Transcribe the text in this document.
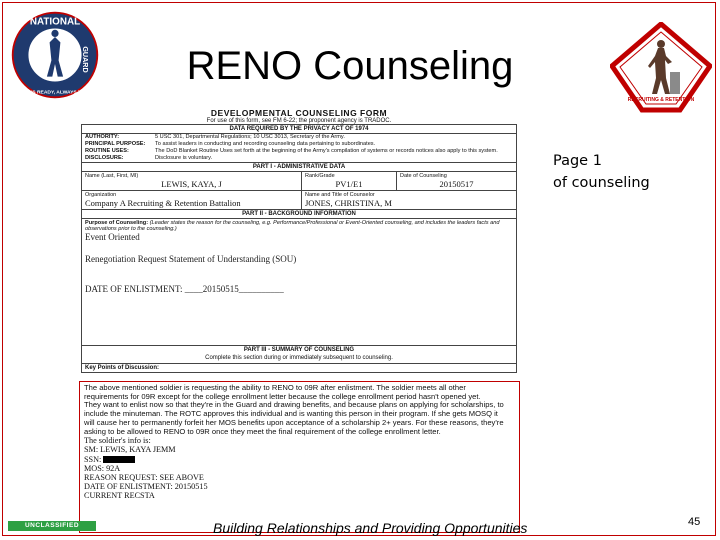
NATIONAL
GUARD
ALWAYS READY, ALWAYS THERE
RENO Counseling
RECRUITING & RETENTION
Page 1
of counseling
DEVELOPMENTAL COUNSELING FORM
For use of this form, see FM 6-22; the proponent agency is TRADOC.
DATA REQUIRED BY THE PRIVACY ACT OF 1974
AUTHORITY:	5 USC 301, Departmental Regulations; 10 USC 3013, Secretary of the Army.
PRINCIPAL PURPOSE:	To assist leaders in conducting and recording counseling data pertaining to subordinates.
ROUTINE USES:	The DoD Blanket Routine Uses set forth at the beginning of the Army's compilation of systems or records notices also apply to this system.
DISCLOSURE:	Disclosure is voluntary.
PART I - ADMINISTRATIVE DATA
Name (Last, First, MI)
LEWIS, KAYA, J
Rank/Grade
PV1/E1
Date of Counseling
20150517
Organization
Company A Recruiting & Retention Battalion
Name and Title of Counselor
JONES, CHRISTINA, M
PART II - BACKGROUND INFORMATION
Purpose of Counseling: (Leader states the reason for the counseling, e.g. Performance/Professional or Event-Oriented counseling, and includes the leaders facts and observations prior to the counseling.)
Event Oriented
Renegotiation Request Statement of Understanding (SOU)
DATE OF ENLISTMENT: ____20150515__________
PART III - SUMMARY OF COUNSELING
Complete this section during or immediately subsequent to counseling.
Key Points of Discussion:
The above mentioned soldier is requesting the ability to RENO to 09R after enlistment. The soldier meets all other
requirements for 09R except for the college enrollment letter because the college enrollment period hasn't opened yet.
They want to enlist now so that they're in the Guard and drawing benefits, and because plans on applying for scholarships, to
include the minuteman. The ROTC approves this individual and is wanting this person in their program. If she gets MOSQ it
will cause her to permanently forfeit her MOS benefits upon acceptance of a scholarship 2+ years. For these reasons, they're
asking to be allowed to RENO to 09R once they meet the final requirement of the college enrollment letter.
The soldier's info is:
SM: LEWIS, KAYA JEMM
SSN:
MOS: 92A
REASON REQUEST: SEE ABOVE
DATE OF ENLISTMENT: 20150515
CURRENT RECSTA
UNCLASSIFIED	Building Relationships and Providing Opportunities	45
